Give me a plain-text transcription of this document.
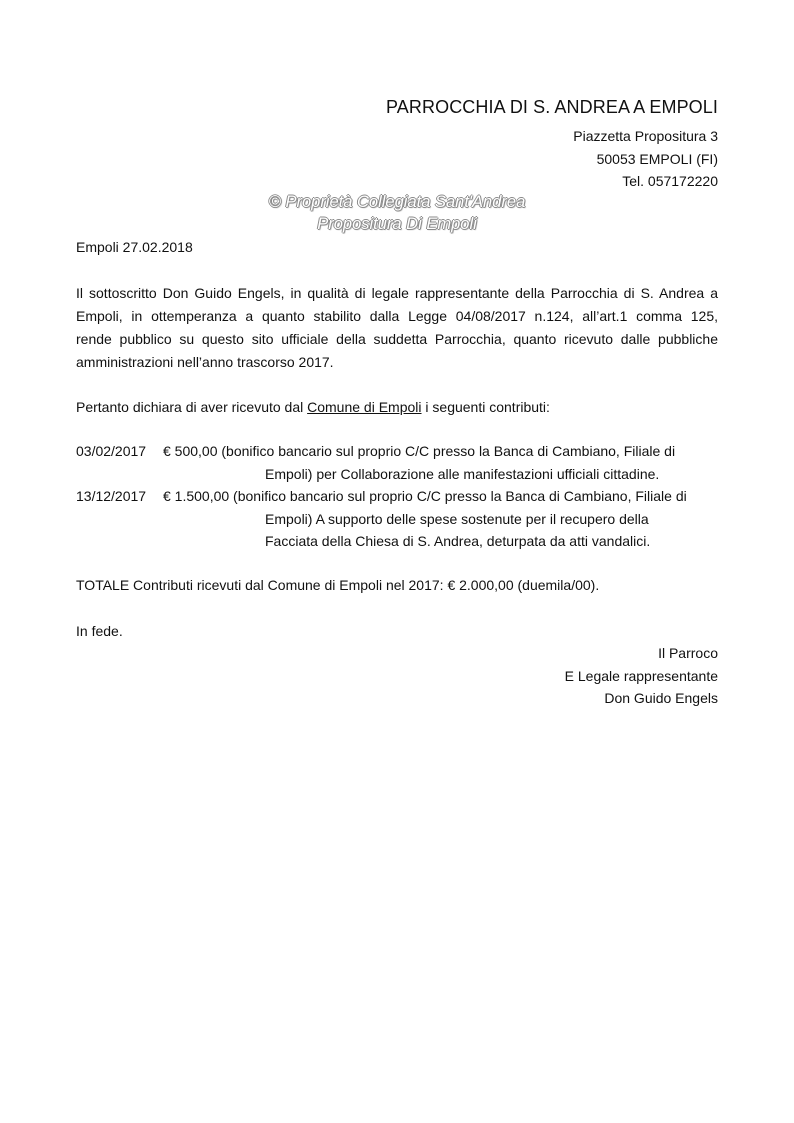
PARROCCHIA DI S. ANDREA A EMPOLI
Piazzetta Propositura 3
50053 EMPOLI (FI)
Tel. 057172220
© Proprietà Collegiata Sant'Andrea
Propositura Di Empoli
Empoli 27.02.2018
Il sottoscritto Don Guido Engels, in qualità di legale rappresentante della Parrocchia di S. Andrea a
Empoli, in ottemperanza a quanto stabilito dalla Legge 04/08/2017 n.124, all’art.1 comma 125,
rende pubblico su questo sito ufficiale della suddetta Parrocchia, quanto ricevuto dalle pubbliche
amministrazioni nell’anno trascorso 2017.
Pertanto dichiara di aver ricevuto dal Comune di Empoli i seguenti contributi:
03/02/2017 € 500,00 (bonifico bancario sul proprio C/C presso la Banca di Cambiano, Filiale di
Empoli) per Collaborazione alle manifestazioni ufficiali cittadine.
13/12/2017 € 1.500,00 (bonifico bancario sul proprio C/C presso la Banca di Cambiano, Filiale di
Empoli) A supporto delle spese sostenute per il recupero della
Facciata della Chiesa di S. Andrea, deturpata da atti vandalici.
TOTALE Contributi ricevuti dal Comune di Empoli nel 2017: € 2.000,00 (duemila/00).
In fede.
Il Parroco
E Legale rappresentante
Don Guido Engels
